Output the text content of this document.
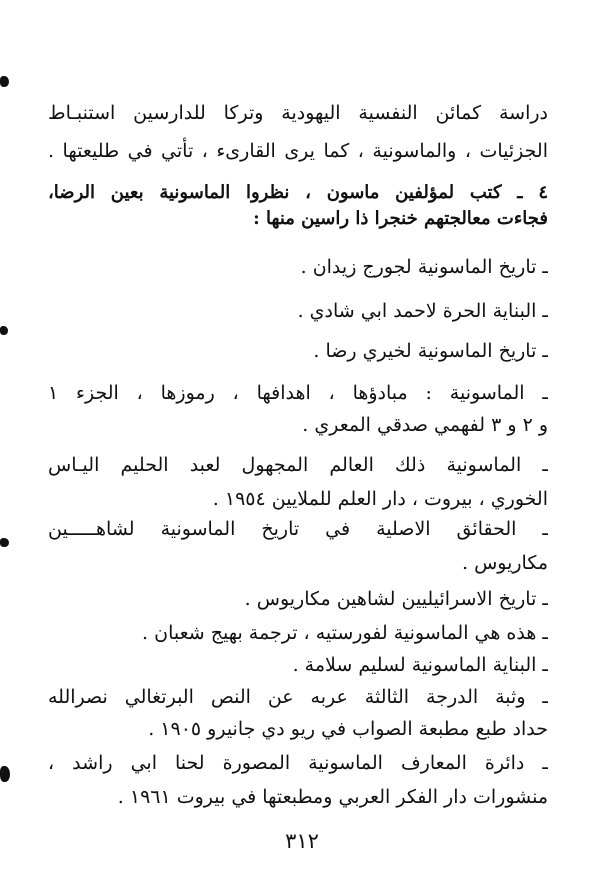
دراسة كمائن النفسية اليهودية وتركا للدارسين استنبـاط
الجزئيات ، والماسونية ، كما يرى القارىء ، تأتي في طليعتها .
٤ ـ كتب لمؤلفين ماسون ، نظروا الماسونية بعين الرضا،
فجاءت معالجتهم خنجرا ذا راسين منها :
ـ تاريخ الماسونية لجورج زيدان .
ـ البناية الحرة لاحمد ابي شادي .
ـ تاريخ الماسونية لخيري رضا .
ـ الماسونية : مبادؤها ، اهدافها ، رموزها ، الجزء ١
و ٢ و ٣ لفهمي صدقي المعري .
ـ الماسونية ذلك العالم المجهول لعبد الحليم اليـاس
الخوري ، بيروت ، دار العلم للملايين ١٩٥٤ .
ـ الحقائق الاصلية في تاريخ الماسونية لشاهـــــين
مكاريوس .
ـ تاريخ الاسرائيليين لشاهين مكاريوس .
ـ هذه هي الماسونية لفورستيه ، ترجمة بهيج شعبان .
ـ البناية الماسونية لسليم سلامة .
ـ وثبة الدرجة الثالثة عربه عن النص البرتغالي نصرالله
حداد طبع مطبعة الصواب في ريو دي جانيرو ١٩٠٥ .
ـ دائرة المعارف الماسونية المصورة لحنا ابي راشد ،
منشورات دار الفكر العربي ومطبعتها في بيروت ١٩٦١ .
٣١٢
